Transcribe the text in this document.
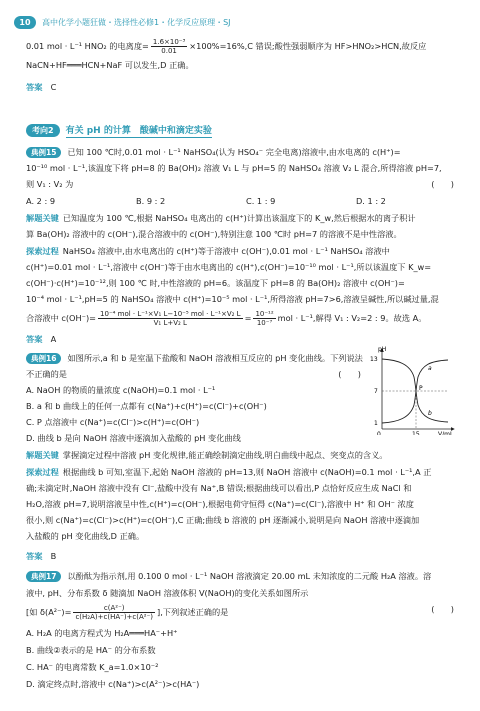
10	高中化学小题狂做・选择性必修1・化学反应原理・SJ
0.01 mol · L⁻¹ HNO₂ 的电离度= $\frac{\text{1.6×10⁻³}}{0.01} \times 100\%=16\%,C$ 错误;酸性强弱顺序为 HF>HNO₂>HCN,故反应
NaCN+HF═══HCN+NaF 可以发生,D 正确。
答案　 C
考向2	有关 pH 的计算　酸碱中和滴定实验
典例15 已知 100 ℃时,0.01 mol · L⁻¹ NaHSO₄(认为 HSO₄⁻ 完全电离)溶液中,由水电离的 c(H⁺)=
10⁻¹⁰ mol · L⁻¹,该温度下将 pH=8 的 Ba(OH)₂ 溶液 V₁ L 与 pH=5 的 NaHSO₄ 溶液 V₂ L 混合,所得溶液 pH=7,
则 V₁ : V₂ 为	(　　)
A. 2 : 9	B. 9 : 2	C. 1 : 9	D. 1 : 2
解题关键 已知温度为 100 ℃,根据 NaHSO₄ 电离出的 c(H⁺)计算出该温度下的 K_w,然后根据水的离子积计
算 Ba(OH)₂ 溶液中的 c(OH⁻),混合溶液中的 c(OH⁻),特别注意 100 ℃时 pH=7 的溶液不是中性溶液。
探索过程 NaHSO₄ 溶液中,由水电离出的 c(H⁺)等于溶液中 c(OH⁻),0.01 mol · L⁻¹ NaHSO₄ 溶液中
c(H⁺)=0.01 mol · L⁻¹,溶液中 c(OH⁻)等于由水电离出的 c(H⁺),c(OH⁻)=10⁻¹⁰ mol · L⁻¹,所以该温度下 K_w=
c(OH⁻)·c(H⁺)=10⁻¹²,则 100 ℃ 时,中性溶液的 pH=6。该温度下 pH=8 的 Ba(OH)₂ 溶液中 c(OH⁻)=
10⁻⁴ mol · L⁻¹,pH=5 的 NaHSO₄ 溶液中 c(H⁺)=10⁻⁵ mol · L⁻¹,所得溶液 pH=7>6,溶液呈碱性,所以碱过量,混
合溶液中 $c(OH^-)= \frac{\text{10⁻⁴ mol · L⁻¹×V₁ L−10⁻⁵ mol · L⁻¹×V₂ L}}{\text{V₁ L+V₂ L}} = \frac{\text{10⁻¹²}}{\text{10⁻⁷}}$ mol · L⁻¹,解得 V₁ : V₂=2 : 9。故选 A。
答案　 A
典例16 如图所示,a 和 b 是室温下盐酸和 NaOH 溶液相互反应的 pH 变化曲线。下列说法
不正确的是	(　　)
A. NaOH 的物质的量浓度 c(NaOH)=0.1 mol · L⁻¹
B. a 和 b 曲线上的任何一点都有 c(Na⁺)+c(H⁺)=c(Cl⁻)+c(OH⁻)
C. P 点溶液中 c(Na⁺)=c(Cl⁻)>c(H⁺)=c(OH⁻)
D. 曲线 b 是向 NaOH 溶液中逐滴加入盐酸的 pH 变化曲线
pH
13
7
1
0	15	V/mL
a
b
P
解题关键 掌握滴定过程中溶液 pH 变化规律,能正确绘制滴定曲线,明白曲线中起点、突变点的含义。
探索过程 根据曲线 b 可知,室温下,起始 NaOH 溶液的 pH=13,则 NaOH 溶液中 c(NaOH)=0.1 mol · L⁻¹,A 正
确;未滴定时,NaOH 溶液中没有 Cl⁻,盐酸中没有 Na⁺,B 错误;根据曲线可以看出,P 点恰好反应生成 NaCl 和
H₂O,溶液 pH=7,说明溶液呈中性,c(H⁺)=c(OH⁻),根据电荷守恒得 c(Na⁺)=c(Cl⁻),溶液中 H⁺ 和 OH⁻ 浓度
很小,则 c(Na⁺)=c(Cl⁻)>c(H⁺)=c(OH⁻),C 正确;曲线 b 溶液的 pH 逐渐减小,说明是向 NaOH 溶液中逐滴加
入盐酸的 pH 变化曲线,D 正确。
答案　 B
典例17 以酚酞为指示剂,用 0.100 0 mol · L⁻¹ NaOH 溶液滴定 20.00 mL 未知浓度的二元酸 H₂A 溶液。溶
液中, pH、分布系数 δ 随滴加 NaOH 溶液体积 V(NaOH)的变化关系如图所示
[如 $\delta(A^{2-})= \frac{\text{c(A²⁻)}}{\text{c(H₂A)+c(HA⁻)+c(A²⁻)}}$ ],下列叙述正确的是	(　　)
A. H₂A 的电离方程式为 H₂A═══HA⁻+H⁺
B. 曲线②表示的是 HA⁻ 的分布系数
C. HA⁻ 的电离常数 K_a=1.0×10⁻²
D. 滴定终点时,溶液中 c(Na⁺)>c(A²⁻)>c(HA⁻)
